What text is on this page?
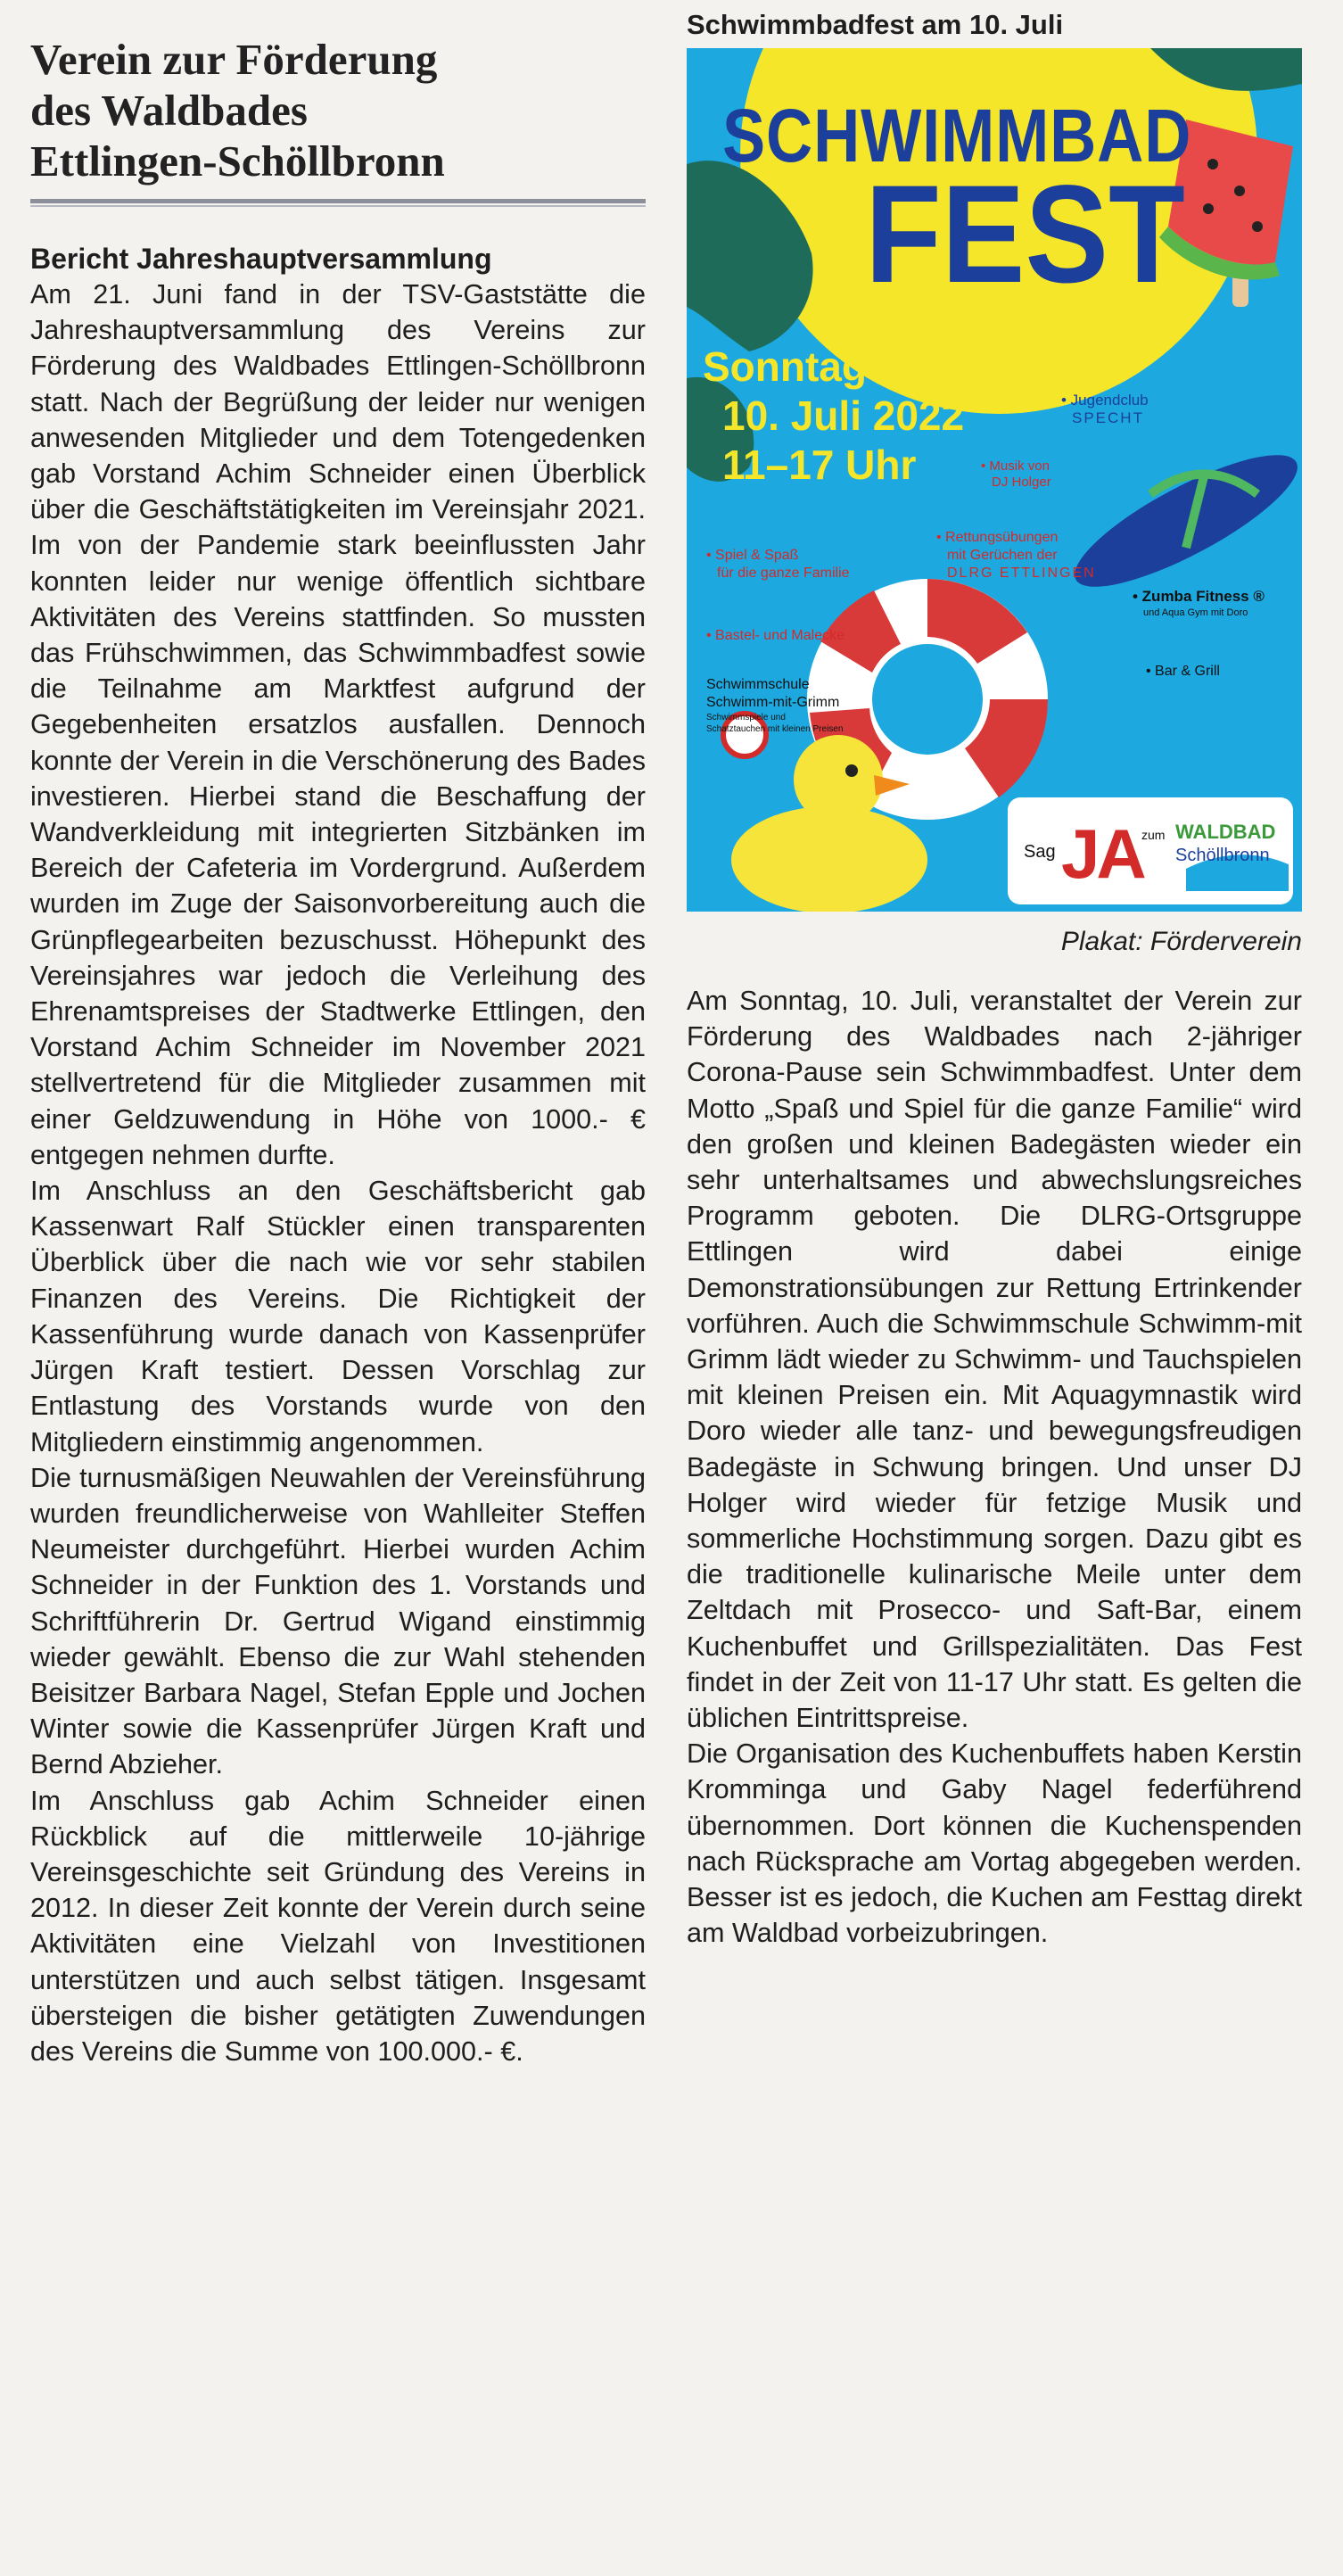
Verein zur Förderung
des Waldbades
Ettlingen-Schöllbronn
Bericht Jahreshauptversammlung

Am 21. Juni fand in der TSV-Gaststätte die Jahreshauptversammlung des Vereins zur Förderung des Waldbades Ettlingen-Schöllbronn statt. Nach der Begrüßung der leider nur wenigen anwesenden Mitglieder und dem Totengedenken gab Vorstand Achim Schneider einen Überblick über die Geschäftstätigkeiten im Vereinsjahr 2021. Im von der Pandemie stark beeinflussten Jahr konnten leider nur wenige öffentlich sichtbare Aktivitäten des Vereins stattfinden. So mussten das Frühschwimmen, das Schwimmbadfest sowie die Teilnahme am Marktfest aufgrund der Gegebenheiten ersatzlos ausfallen. Dennoch konnte der Verein in die Verschönerung des Bades investieren. Hierbei stand die Beschaffung der Wandverkleidung mit integrierten Sitzbänken im Bereich der Cafeteria im Vordergrund. Außerdem wurden im Zuge der Saisonvorbereitung auch die Grünpflegearbeiten bezuschusst. Höhepunkt des Vereinsjahres war jedoch die Verleihung des Ehrenamtspreises der Stadtwerke Ettlingen, den Vorstand Achim Schneider im November 2021 stellvertretend für die Mitglieder zusammen mit einer Geldzuwendung in Höhe von 1000.- € entgegen nehmen durfte.

Im Anschluss an den Geschäftsbericht gab Kassenwart Ralf Stückler einen transparenten Überblick über die nach wie vor sehr stabilen Finanzen des Vereins. Die Richtigkeit der Kassenführung wurde danach von Kassenprüfer Jürgen Kraft testiert. Dessen Vorschlag zur Entlastung des Vorstands wurde von den Mitgliedern einstimmig angenommen.

Die turnusmäßigen Neuwahlen der Vereinsführung wurden freundlicherweise von Wahlleiter Steffen Neumeister durchgeführt. Hierbei wurden Achim Schneider in der Funktion des 1. Vorstands und Schriftführerin Dr. Gertrud Wigand einstimmig wieder gewählt. Ebenso die zur Wahl stehenden Beisitzer Barbara Nagel, Stefan Epple und Jochen Winter sowie die Kassenprüfer Jürgen Kraft und Bernd Abzieher.

Im Anschluss gab Achim Schneider einen Rückblick auf die mittlerweile 10-jährige Vereinsgeschichte seit Gründung des Vereins in 2012. In dieser Zeit konnte der Verein durch seine Aktivitäten eine Vielzahl von Investitionen unterstützen und auch selbst tätigen. Insgesamt übersteigen die bisher getätigten Zuwendungen des Vereins die Summe von 100.000.- €.

Schwimmbadfest am 10. Juli
SCHWIMMBAD
FEST
Sonntag
10. Juli 2022
11–17 Uhr
• Jugendclub
SPECHT
• Musik von
DJ Holger
• Rettungsübungen
mit Gerüchen der
DLRG ETTLINGEN
• Spiel & Spaß
für die ganze Familie
• Zumba Fitness ®
und Aqua Gym mit Doro
• Bastel- und Malecke
• Bar & Grill
Schwimmschule
Schwimm-mit-Grimm
Schwimmspiele und
Schatztauchen mit kleinen Preisen
Sag JA
zum WALDBAD
Schöllbronn

Plakat: Förderverein

Am Sonntag, 10. Juli, veranstaltet der Verein zur Förderung des Waldbades nach 2-jähriger Corona-Pause sein Schwimmbadfest. Unter dem Motto „Spaß und Spiel für die ganze Familie“ wird den großen und kleinen Badegästen wieder ein sehr unterhaltsames und abwechslungsreiches Programm geboten. Die DLRG-Ortsgruppe Ettlingen wird dabei einige Demonstrationsübungen zur Rettung Ertrinkender vorführen. Auch die Schwimmschule Schwimm-mit Grimm lädt wieder zu Schwimm- und Tauchspielen mit kleinen Preisen ein. Mit Aquagymnastik wird Doro wieder alle tanz- und bewegungsfreudigen Badegäste in Schwung bringen. Und unser DJ Holger wird wieder für fetzige Musik und sommerliche Hochstimmung sorgen. Dazu gibt es die traditionelle kulinarische Meile unter dem Zeltdach mit Prosecco- und Saft-Bar, einem Kuchenbuffet und Grillspezialitäten. Das Fest findet in der Zeit von 11-17 Uhr statt. Es gelten die üblichen Eintrittspreise.

Die Organisation des Kuchenbuffets haben Kerstin Kromminga und Gaby Nagel federführend übernommen. Dort können die Kuchenspenden nach Rücksprache am Vortag abgegeben werden. Besser ist es jedoch, die Kuchen am Festtag direkt am Waldbad vorbeizubringen.
